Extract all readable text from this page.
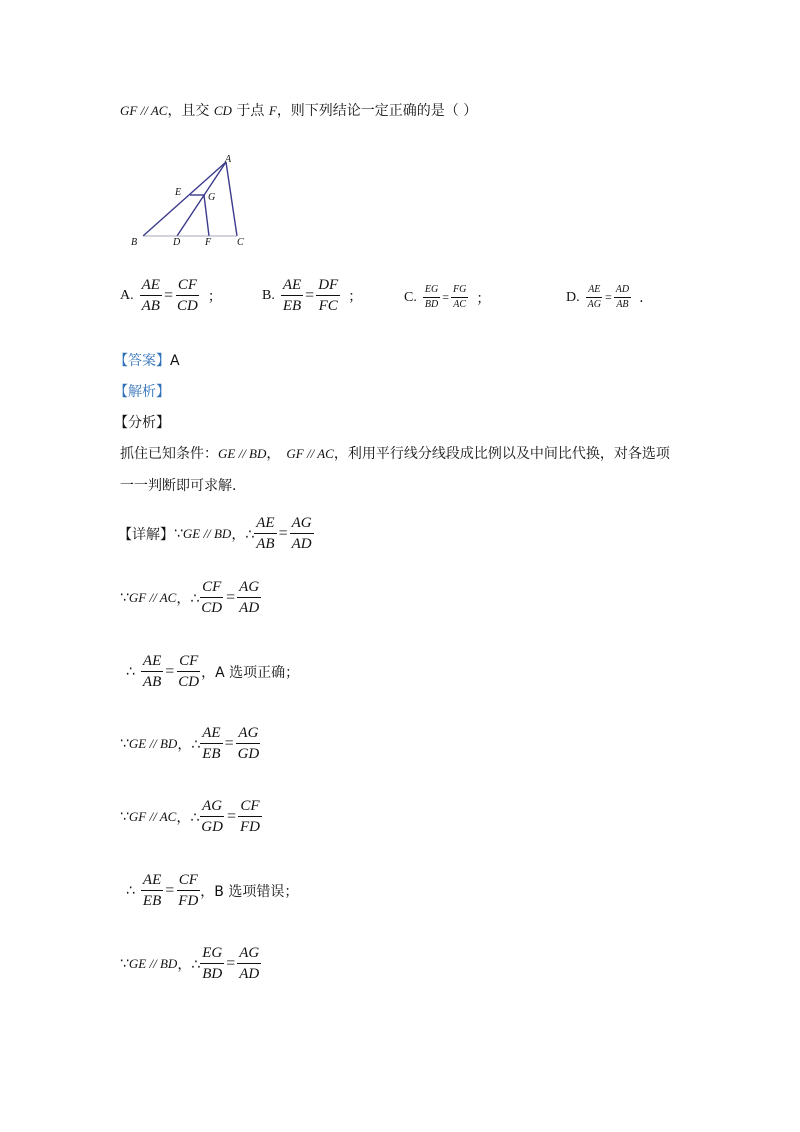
GF // AC，且交 CD 于点 F，则下列结论一定正确的是（ ）
A
E	G
B	D F	C
A. $\frac{AE}{AB} = \frac{CF}{CD}$ ；	B. $\frac{AE}{EB} = \frac{DF}{FC}$ ；	C. $\frac{EG}{BD} = \frac{FG}{AC}$ ；	D. $\frac{AE}{AG} = \frac{AD}{AB}$ .
【答案】A
【解析】
【分析】
抓住已知条件：GE // BD， GF // AC，利用平行线分线段成比例以及中间比代换，对各选项
一一判断即可求解.
【详解】 ∵ GE // BD ，∴ $\frac{AE}{AB} = \frac{AG}{AD}$
∵ GF // AC ，∴ $\frac{CF}{CD} = \frac{AG}{AD}$
∴ $\frac{AE}{AB} = \frac{CF}{CD}$ ，A 选项正确；
∵ GE // BD ，∴ $\frac{AE}{EB} = \frac{AG}{GD}$
∵ GF // AC ，∴ $\frac{AG}{GD} = \frac{CF}{FD}$
∴ $\frac{AE}{EB} = \frac{CF}{FD}$ ，B 选项错误；
∵ GE // BD ，∴ $\frac{EG}{BD} = \frac{AG}{AD}$
